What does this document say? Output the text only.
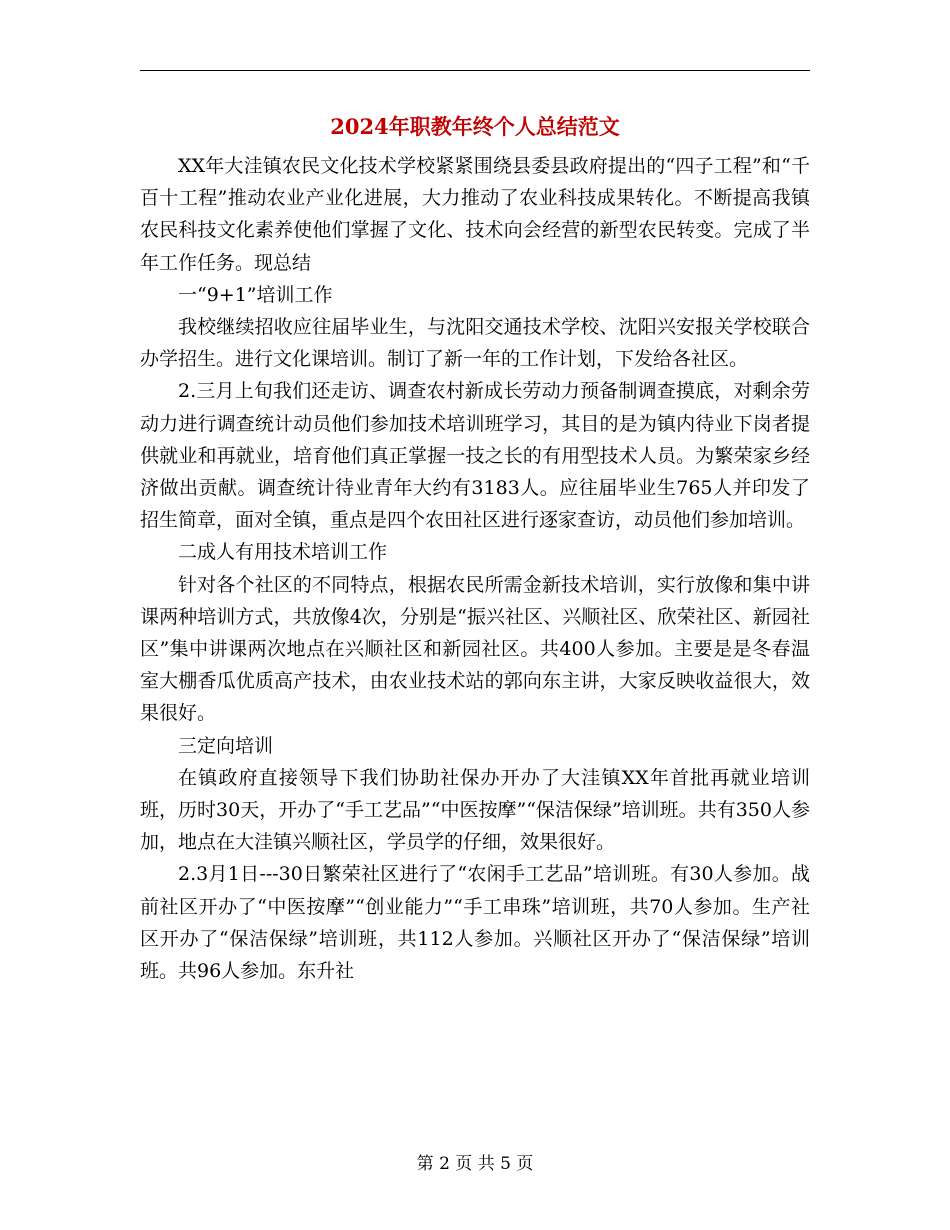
2024年职教年终个人总结范文

XX年大洼镇农民文化技术学校紧紧围绕县委县政府提出的“四子工程”和“千百十工程”推动农业产业化进展，大力推动了农业科技成果转化。不断提高我镇农民科技文化素养使他们掌握了文化、技术向会经营的新型农民转变。完成了半年工作任务。现总结

一“9+1”培训工作

我校继续招收应往届毕业生，与沈阳交通技术学校、沈阳兴安报关学校联合办学招生。进行文化课培训。制订了新一年的工作计划，下发给各社区。

2.三月上旬我们还走访、调查农村新成长劳动力预备制调查摸底，对剩余劳动力进行调查统计动员他们参加技术培训班学习，其目的是为镇内待业下岗者提供就业和再就业，培育他们真正掌握一技之长的有用型技术人员。为繁荣家乡经济做出贡献。调查统计待业青年大约有3183人。应往届毕业生765人并印发了招生简章，面对全镇，重点是四个农田社区进行逐家查访，动员他们参加培训。

二成人有用技术培训工作

针对各个社区的不同特点，根据农民所需金新技术培训，实行放像和集中讲课两种培训方式，共放像4次，分别是“振兴社区、兴顺社区、欣荣社区、新园社区”集中讲课两次地点在兴顺社区和新园社区。共400人参加。主要是是冬春温室大棚香瓜优质高产技术，由农业技术站的郭向东主讲，大家反映收益很大，效果很好。

三定向培训

在镇政府直接领导下我们协助社保办开办了大洼镇XX年首批再就业培训班，历时30天，开办了“手工艺品”“中医按摩”“保洁保绿”培训班。共有350人参加，地点在大洼镇兴顺社区，学员学的仔细，效果很好。

2.3月1日---30日繁荣社区进行了“农闲手工艺品”培训班。有30人参加。战前社区开办了“中医按摩”“创业能力”“手工串珠”培训班，共70人参加。生产社区开办了“保洁保绿”培训班，共112人参加。兴顺社区开办了“保洁保绿”培训班。共96人参加。东升社

第 2 页 共 5 页
